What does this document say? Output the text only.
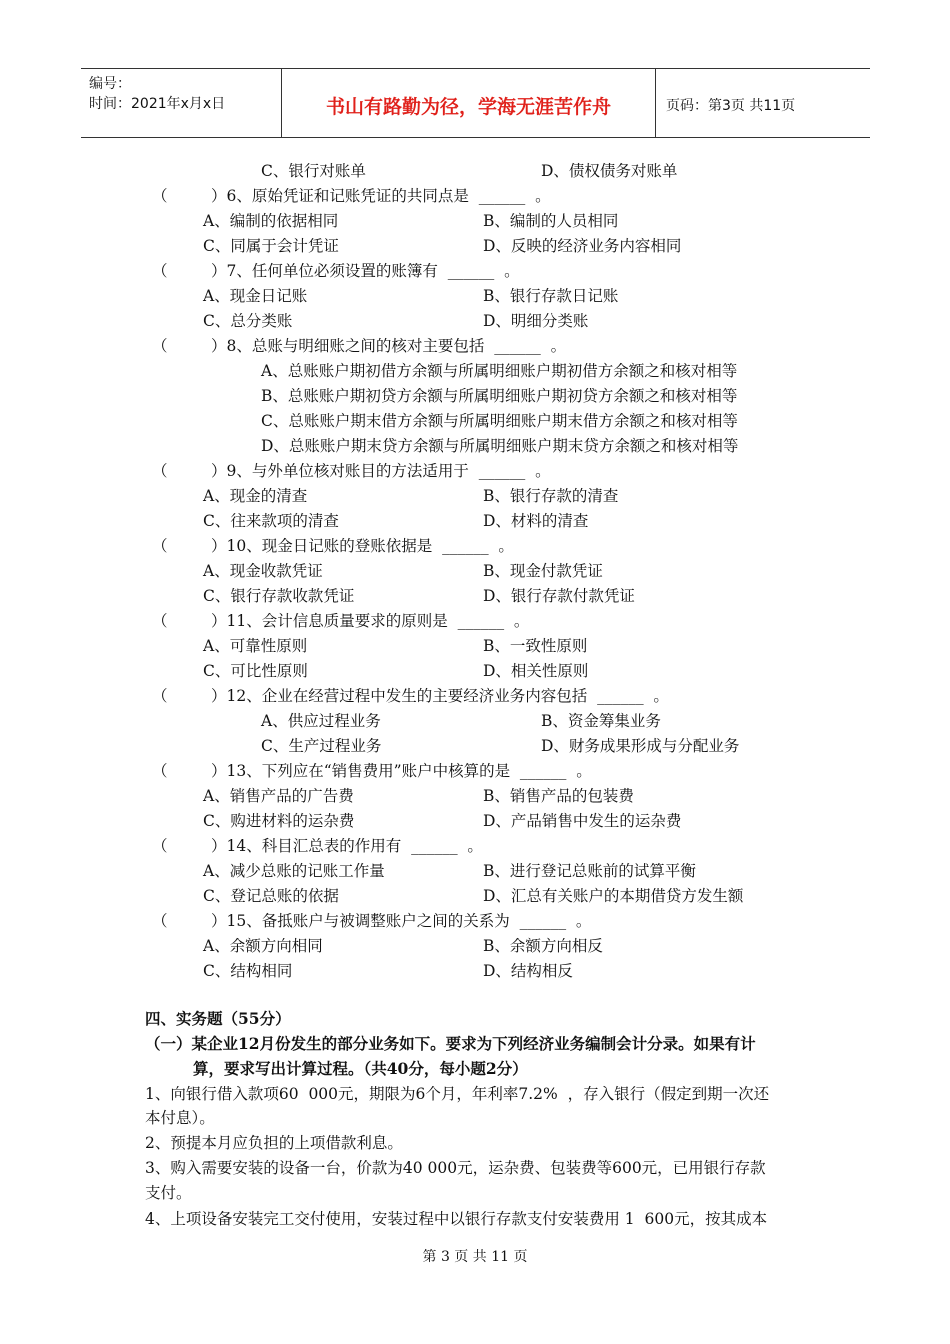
编号：
时间：2021年x月x日	书山有路勤为径，学海无涯苦作舟	页码：第3页 共11页
C、银行对账单	D、债权债务对账单
（	）6、原始凭证和记账凭证的共同点是  ______  。
A、编制的依据相同	B、编制的人员相同
C、同属于会计凭证	D、反映的经济业务内容相同
（	）7、任何单位必须设置的账簿有  ______  。
A、现金日记账	B、银行存款日记账
C、总分类账	D、明细分类账
（	）8、总账与明细账之间的核对主要包括  ______  。
A、总账账户期初借方余额与所属明细账户期初借方余额之和核对相等
B、总账账户期初贷方余额与所属明细账户期初贷方余额之和核对相等
C、总账账户期末借方余额与所属明细账户期末借方余额之和核对相等
D、总账账户期末贷方余额与所属明细账户期末贷方余额之和核对相等
（	）9、与外单位核对账目的方法适用于  ______  。
A、现金的清查	B、银行存款的清查
C、往来款项的清查	D、材料的清查
（	）10、现金日记账的登账依据是  ______  。
A、现金收款凭证	B、现金付款凭证
C、银行存款收款凭证	D、银行存款付款凭证
（	）11、会计信息质量要求的原则是  ______  。
A、可靠性原则	B、一致性原则
C、可比性原则	D、相关性原则
（	）12、企业在经营过程中发生的主要经济业务内容包括  ______  。
A、供应过程业务	B、资金筹集业务
C、生产过程业务	D、财务成果形成与分配业务
（	）13、下列应在“销售费用”账户中核算的是  ______  。
A、销售产品的广告费	B、销售产品的包装费
C、购进材料的运杂费	D、产品销售中发生的运杂费
（	）14、科目汇总表的作用有  ______  。
A、减少总账的记账工作量	B、进行登记总账前的试算平衡
C、登记总账的依据	D、汇总有关账户的本期借贷方发生额
（	）15、备抵账户与被调整账户之间的关系为  ______  。
A、余额方向相同	B、余额方向相反
C、结构相同	D、结构相反
四、实务题（55分）
（一）某企业12月份发生的部分业务如下。要求为下列经济业务编制会计分录。如果有计
算，要求写出计算过程。（共40分，每小题2分）
1、向银行借入款项60  000元，期限为6个月，年利率7.2%  ，存入银行（假定到期一次还
本付息）。
2、预提本月应负担的上项借款利息。
3、购入需要安装的设备一台，价款为40 000元，运杂费、包装费等600元，已用银行存款
支付。
4、上项设备安装完工交付使用，安装过程中以银行存款支付安装费用 1  600元，按其成本
第 3 页 共 11 页
